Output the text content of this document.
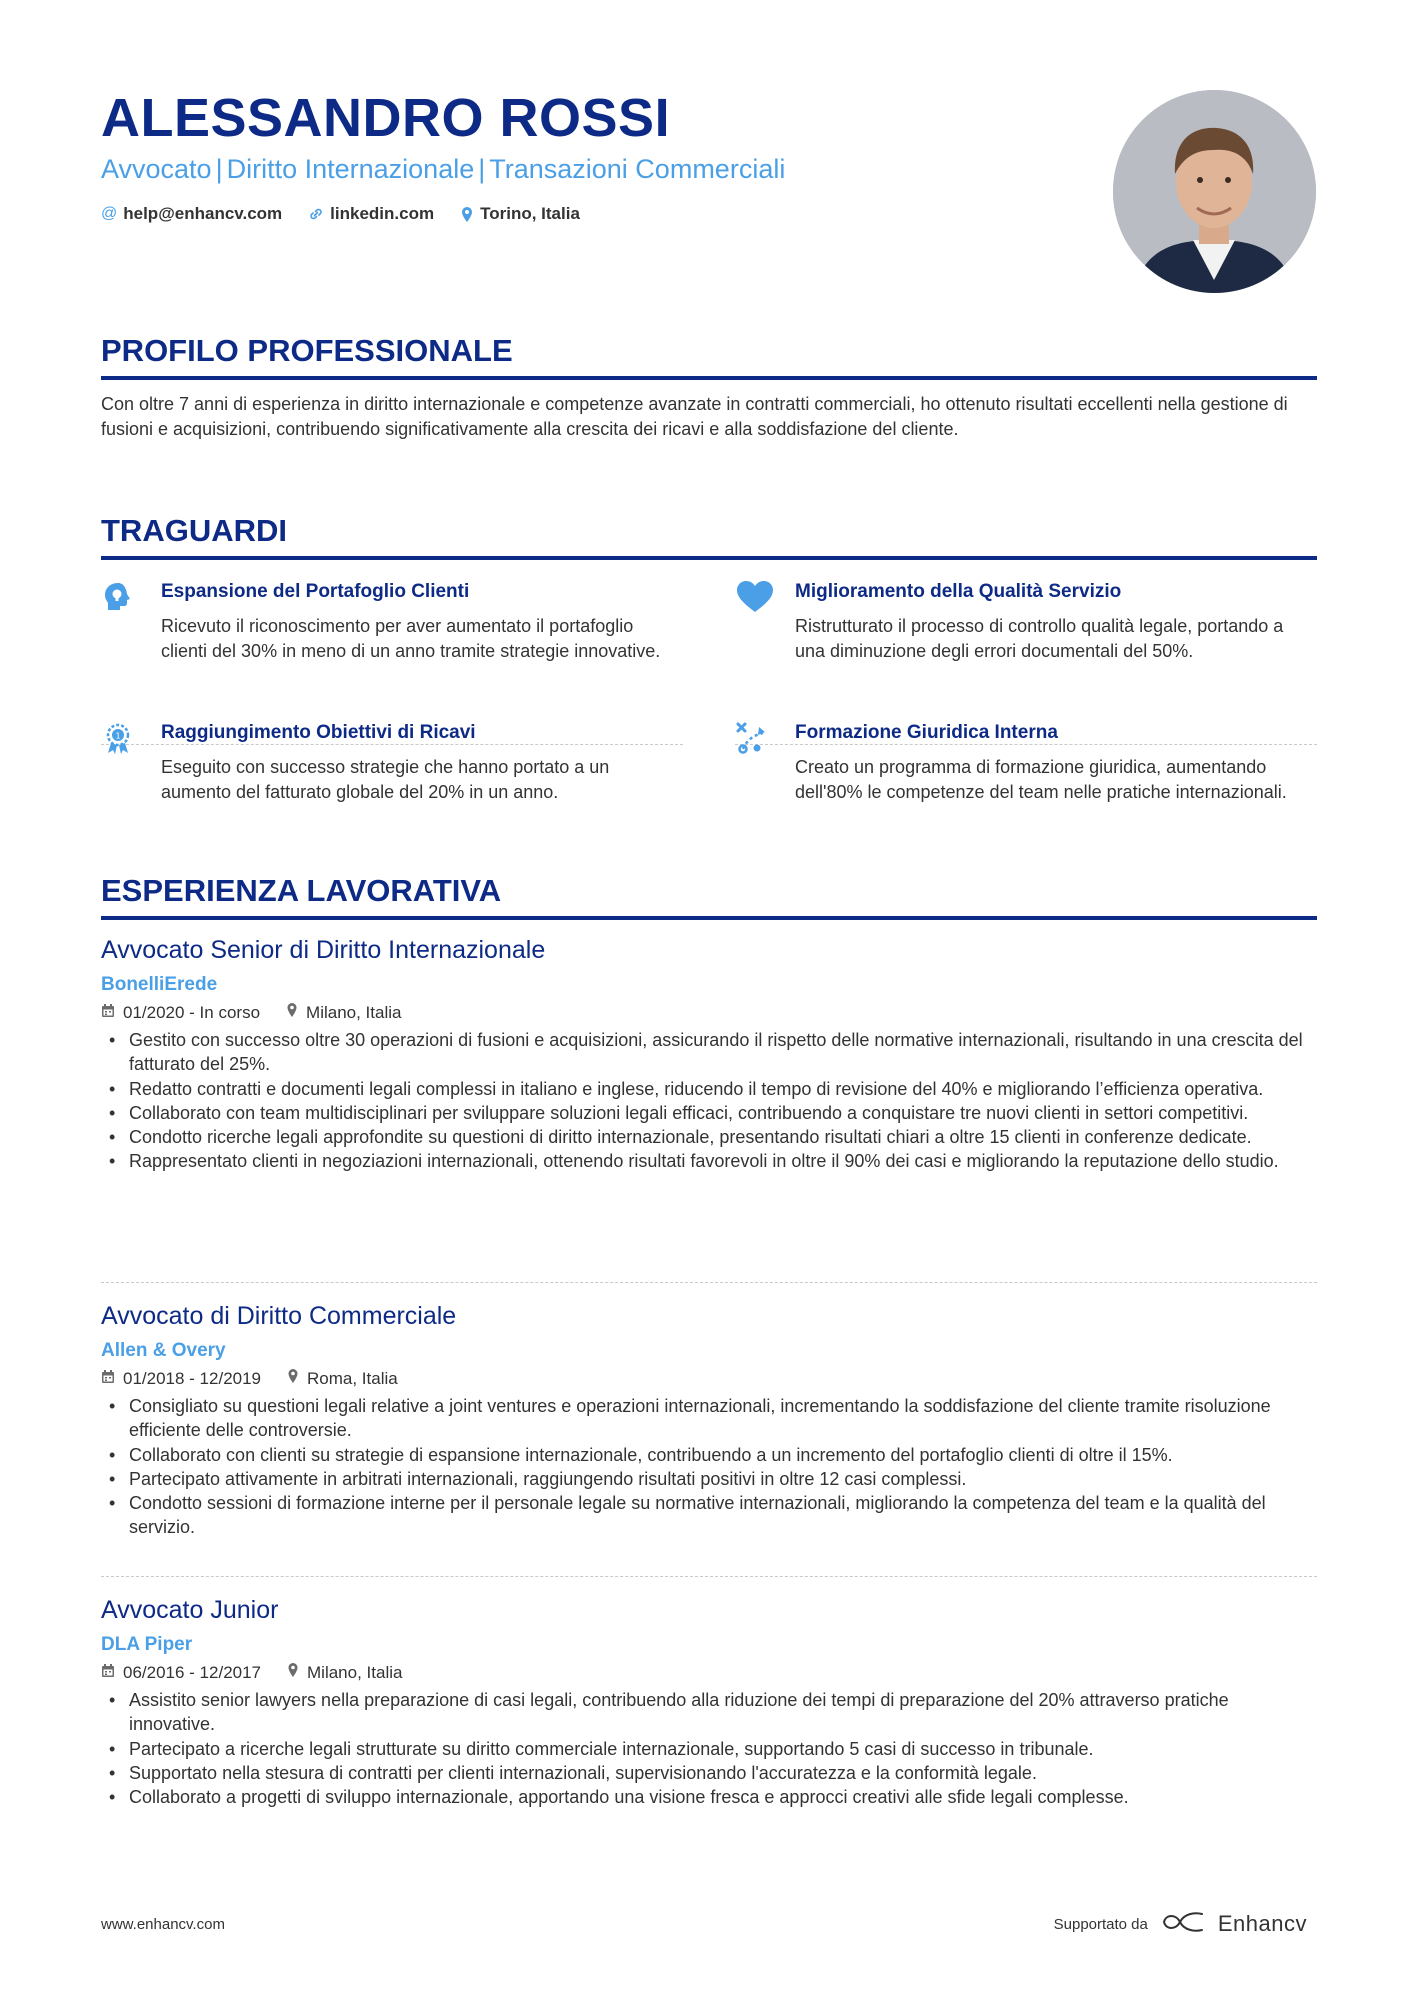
ALESSANDRO ROSSI
Avvocato | Diritto Internazionale | Transazioni Commerciali
@ help@enhancv.com	linkedin.com	Torino, Italia
PROFILO PROFESSIONALE

Con oltre 7 anni di esperienza in diritto internazionale e competenze avanzate in contratti commerciali, ho ottenuto risultati eccellenti nella gestione di fusioni e acquisizioni, contribuendo significativamente alla crescita dei ricavi e alla soddisfazione del cliente.

TRAGUARDI
Espansione del Portafoglio Clienti
Ricevuto il riconoscimento per aver aumentato il portafoglio clienti del 30% in meno di un anno tramite strategie innovative.
Miglioramento della Qualità Servizio
Ristrutturato il processo di controllo qualità legale, portando a una diminuzione degli errori documentali del 50%.
1 Raggiungimento Obiettivi di Ricavi
Eseguito con successo strategie che hanno portato a un aumento del fatturato globale del 20% in un anno.
Formazione Giuridica Interna
Creato un programma di formazione giuridica, aumentando dell'80% le competenze del team nelle pratiche internazionali.
ESPERIENZA LAVORATIVA
Avvocato Senior di Diritto Internazionale
BonelliErede
01/2020 - In corso	Milano, Italia
• Gestito con successo oltre 30 operazioni di fusioni e acquisizioni, assicurando il rispetto delle normative internazionali, risultando in una crescita del fatturato del 25%.
• Redatto contratti e documenti legali complessi in italiano e inglese, riducendo il tempo di revisione del 40% e migliorando l’efficienza operativa.
• Collaborato con team multidisciplinari per sviluppare soluzioni legali efficaci, contribuendo a conquistare tre nuovi clienti in settori competitivi.
• Condotto ricerche legali approfondite su questioni di diritto internazionale, presentando risultati chiari a oltre 15 clienti in conferenze dedicate.
• Rappresentato clienti in negoziazioni internazionali, ottenendo risultati favorevoli in oltre il 90% dei casi e migliorando la reputazione dello studio.
Avvocato di Diritto Commerciale
Allen & Overy
01/2018 - 12/2019	Roma, Italia
• Consigliato su questioni legali relative a joint ventures e operazioni internazionali, incrementando la soddisfazione del cliente tramite risoluzione efficiente delle controversie.
• Collaborato con clienti su strategie di espansione internazionale, contribuendo a un incremento del portafoglio clienti di oltre il 15%.
• Partecipato attivamente in arbitrati internazionali, raggiungendo risultati positivi in oltre 12 casi complessi.
• Condotto sessioni di formazione interne per il personale legale su normative internazionali, migliorando la competenza del team e la qualità del servizio.
Avvocato Junior
DLA Piper
06/2016 - 12/2017	Milano, Italia
• Assistito senior lawyers nella preparazione di casi legali, contribuendo alla riduzione dei tempi di preparazione del 20% attraverso pratiche innovative.
• Partecipato a ricerche legali strutturate su diritto commerciale internazionale, supportando 5 casi di successo in tribunale.
• Supportato nella stesura di contratti per clienti internazionali, supervisionando l'accuratezza e la conformità legale.
• Collaborato a progetti di sviluppo internazionale, apportando una visione fresca e approcci creativi alle sfide legali complesse.
www.enhancv.com	Supportato da	Enhancv
